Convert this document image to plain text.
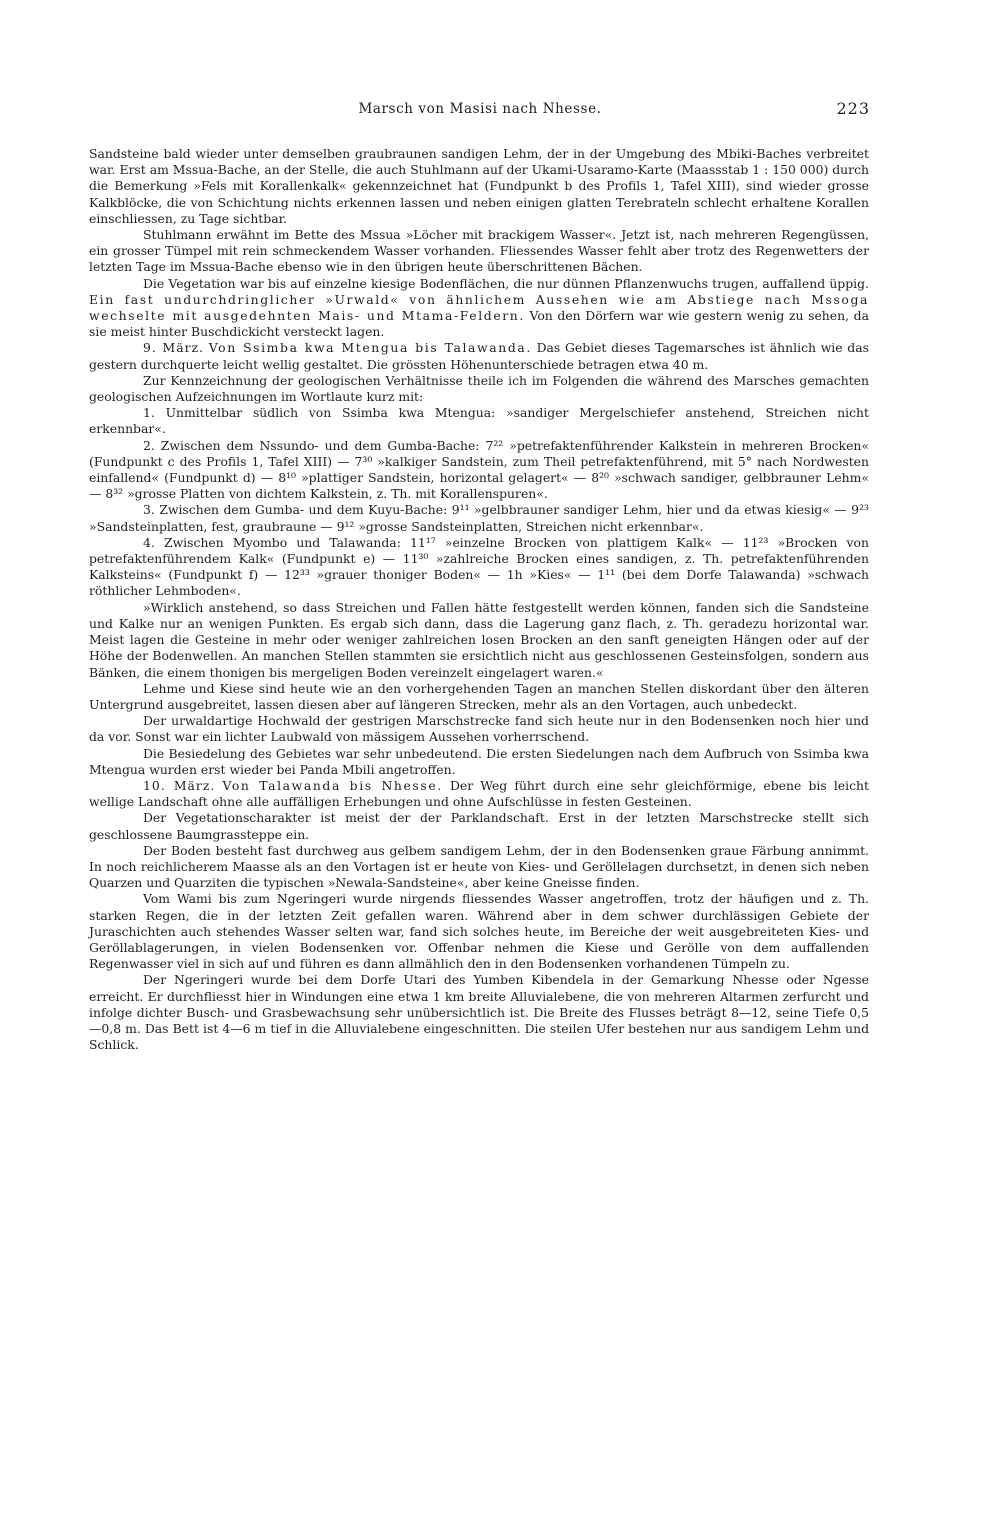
Marsch von Masisi nach Nhesse.	223

Sandsteine bald wieder unter demselben graubraunen sandigen Lehm, der in der Umgebung des Mbiki-Baches verbreitet war. Erst am Mssua-Bache, an der Stelle, die auch Stuhlmann auf der Ukami-Usaramo-Karte (Maassstab 1 : 150 000) durch die Bemerkung »Fels mit Korallenkalk« gekennzeichnet hat (Fundpunkt b des Profils 1, Tafel XIII), sind wieder grosse Kalkblöcke, die von Schichtung nichts erkennen lassen und neben einigen glatten Terebrateln schlecht erhaltene Korallen einschliessen, zu Tage sichtbar.

Stuhlmann erwähnt im Bette des Mssua »Löcher mit brackigem Wasser«. Jetzt ist, nach mehreren Regengüssen, ein grosser Tümpel mit rein schmeckendem Wasser vorhanden. Fliessendes Wasser fehlt aber trotz des Regenwetters der letzten Tage im Mssua-Bache ebenso wie in den übrigen heute überschrittenen Bächen.

Die Vegetation war bis auf einzelne kiesige Bodenflächen, die nur dünnen Pflanzenwuchs trugen, auffallend üppig. Ein fast undurchdringlicher »Urwald« von ähnlichem Aussehen wie am Abstiege nach Mssoga wechselte mit ausgedehnten Mais- und Mtama-Feldern. Von den Dörfern war wie gestern wenig zu sehen, da sie meist hinter Buschdickicht versteckt lagen.

9. März. Von Ssimba kwa Mtengua bis Talawanda. Das Gebiet dieses Tagemarsches ist ähnlich wie das gestern durchquerte leicht wellig gestaltet. Die grössten Höhenunterschiede betragen etwa 40 m.

Zur Kennzeichnung der geologischen Verhältnisse theile ich im Folgenden die während des Marsches gemachten geologischen Aufzeichnungen im Wortlaute kurz mit:

1. Unmittelbar südlich von Ssimba kwa Mtengua: »sandiger Mergelschiefer anstehend, Streichen nicht erkennbar«.

2. Zwischen dem Nssundo- und dem Gumba-Bache: 7²² »petrefaktenführender Kalkstein in mehreren Brocken« (Fundpunkt c des Profils 1, Tafel XIII) — 7³⁰ »kalkiger Sandstein, zum Theil petrefaktenführend, mit 5° nach Nordwesten einfallend« (Fundpunkt d) — 8¹⁰ »plattiger Sandstein, horizontal gelagert« — 8²⁰ »schwach sandiger, gelbbrauner Lehm« — 8³² »grosse Platten von dichtem Kalkstein, z. Th. mit Korallenspuren«.

3. Zwischen dem Gumba- und dem Kuyu-Bache: 9¹¹ »gelbbrauner sandiger Lehm, hier und da etwas kiesig« — 9²³ »Sandsteinplatten, fest, graubraune — 9¹² »grosse Sandsteinplatten, Streichen nicht erkennbar«.

4. Zwischen Myombo und Talawanda: 11¹⁷ »einzelne Brocken von plattigem Kalk« — 11²³ »Brocken von petrefaktenführendem Kalk« (Fundpunkt e) — 11³⁰ »zahlreiche Brocken eines sandigen, z. Th. petrefaktenführenden Kalksteins« (Fundpunkt f) — 12³³ »grauer thoniger Boden« — 1h »Kies« — 1¹¹ (bei dem Dorfe Talawanda) »schwach röthlicher Lehmboden«.

»Wirklich anstehend, so dass Streichen und Fallen hätte festgestellt werden können, fanden sich die Sandsteine und Kalke nur an wenigen Punkten. Es ergab sich dann, dass die Lagerung ganz flach, z. Th. geradezu horizontal war. Meist lagen die Gesteine in mehr oder weniger zahlreichen losen Brocken an den sanft geneigten Hängen oder auf der Höhe der Bodenwellen. An manchen Stellen stammten sie ersichtlich nicht aus geschlossenen Gesteinsfolgen, sondern aus Bänken, die einem thonigen bis mergeligen Boden vereinzelt eingelagert waren.«

Lehme und Kiese sind heute wie an den vorhergehenden Tagen an manchen Stellen diskordant über den älteren Untergrund ausgebreitet, lassen diesen aber auf längeren Strecken, mehr als an den Vortagen, auch unbedeckt.

Der urwaldartige Hochwald der gestrigen Marschstrecke fand sich heute nur in den Bodensenken noch hier und da vor. Sonst war ein lichter Laubwald von mässigem Aussehen vorherrschend.

Die Besiedelung des Gebietes war sehr unbedeutend. Die ersten Siedelungen nach dem Aufbruch von Ssimba kwa Mtengua wurden erst wieder bei Panda Mbili angetroffen.

10. März. Von Talawanda bis Nhesse. Der Weg führt durch eine sehr gleichförmige, ebene bis leicht wellige Landschaft ohne alle auffälligen Erhebungen und ohne Aufschlüsse in festen Gesteinen.

Der Vegetationscharakter ist meist der der Parklandschaft. Erst in der letzten Marschstrecke stellt sich geschlossene Baumgrassteppe ein.

Der Boden besteht fast durchweg aus gelbem sandigem Lehm, der in den Bodensenken graue Färbung annimmt. In noch reichlicherem Maasse als an den Vortagen ist er heute von Kies- und Geröllelagen durchsetzt, in denen sich neben Quarzen und Quarziten die typischen »Newala-Sandsteine«, aber keine Gneisse finden.

Vom Wami bis zum Ngeringeri wurde nirgends fliessendes Wasser angetroffen, trotz der häufigen und z. Th. starken Regen, die in der letzten Zeit gefallen waren. Während aber in dem schwer durchlässigen Gebiete der Juraschichten auch stehendes Wasser selten war, fand sich solches heute, im Bereiche der weit ausgebreiteten Kies- und Geröllablagerungen, in vielen Bodensenken vor. Offenbar nehmen die Kiese und Gerölle von dem auffallenden Regenwasser viel in sich auf und führen es dann allmählich den in den Bodensenken vorhandenen Tümpeln zu.

Der Ngeringeri wurde bei dem Dorfe Utari des Yumben Kibendela in der Gemarkung Nhesse oder Ngesse erreicht. Er durchfliesst hier in Windungen eine etwa 1 km breite Alluvialebene, die von mehreren Altarmen zerfurcht und infolge dichter Busch- und Grasbewachsung sehr unübersichtlich ist. Die Breite des Flusses beträgt 8—12, seine Tiefe 0,5—0,8 m. Das Bett ist 4—6 m tief in die Alluvialebene eingeschnitten. Die steilen Ufer bestehen nur aus sandigem Lehm und Schlick.
